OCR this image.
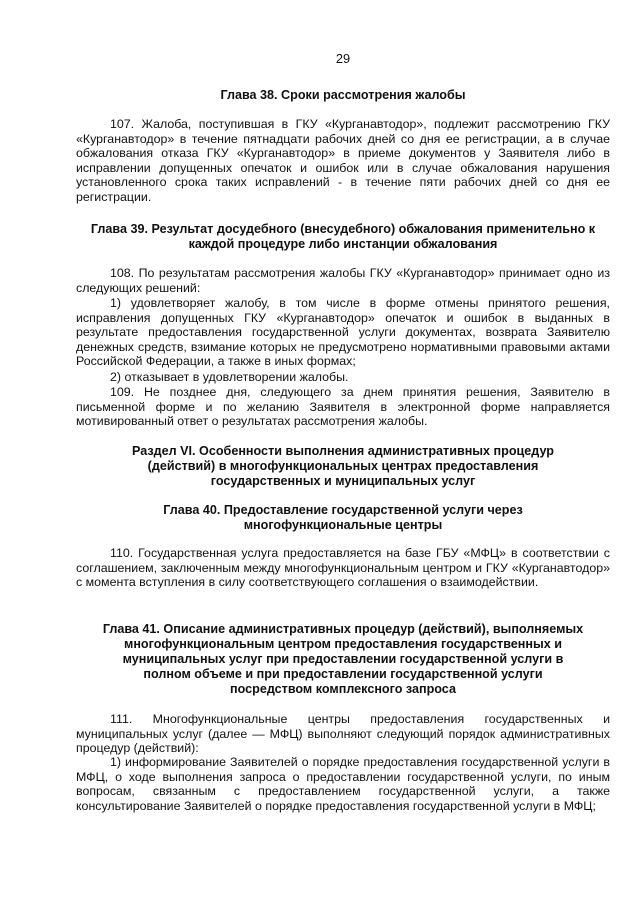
29
Глава 38. Сроки рассмотрения жалобы

107. Жалоба, поступившая в ГКУ «Курганавтодор», подлежит рассмотрению ГКУ «Курганавтодор» в течение пятнадцати рабочих дней со дня ее регистрации, а в случае обжалования отказа ГКУ «Курганавтодор» в приеме документов у Заявителя либо в исправлении допущенных опечаток и ошибок или в случае обжалования нарушения установленного срока таких исправлений - в течение пяти рабочих дней со дня ее регистрации.

Глава 39. Результат досудебного (внесудебного) обжалования применительно к каждой процедуре либо инстанции обжалования

108. По результатам рассмотрения жалобы ГКУ «Курганавтодор» принимает одно из следующих решений:

1) удовлетворяет жалобу, в том числе в форме отмены принятого решения, исправления допущенных ГКУ «Курганавтодор» опечаток и ошибок в выданных в результате предоставления государственной услуги документах, возврата Заявителю денежных средств, взимание которых не предусмотрено нормативными правовыми актами Российской Федерации, а также в иных формах;

2) отказывает в удовлетворении жалобы.

109. Не позднее дня, следующего за днем принятия решения, Заявителю в письменной форме и по желанию Заявителя в электронной форме направляется мотивированный ответ о результатах рассмотрения жалобы.

Раздел VI. Особенности выполнения административных процедур (действий) в многофункциональных центрах предоставления государственных и муниципальных услуг
Глава 40. Предоставление государственной услуги через многофункциональные центры

110. Государственная услуга предоставляется на базе ГБУ «МФЦ» в соответствии с соглашением, заключенным между многофункциональным центром и ГКУ «Курганавтодор» с момента вступления в силу соответствующего соглашения о взаимодействии.

Глава 41. Описание административных процедур (действий), выполняемых многофункциональным центром предоставления государственных и муниципальных услуг при предоставлении государственной услуги в полном объеме и при предоставлении государственной услуги посредством комплексного запроса

111. Многофункциональные центры предоставления государственных и муниципальных услуг (далее — МФЦ) выполняют следующий порядок административных процедур (действий):

1) информирование Заявителей о порядке предоставления государственной услуги в МФЦ, о ходе выполнения запроса о предоставлении государственной услуги, по иным вопросам, связанным с предоставлением государственной услуги, а также консультирование Заявителей о порядке предоставления государственной услуги в МФЦ;
